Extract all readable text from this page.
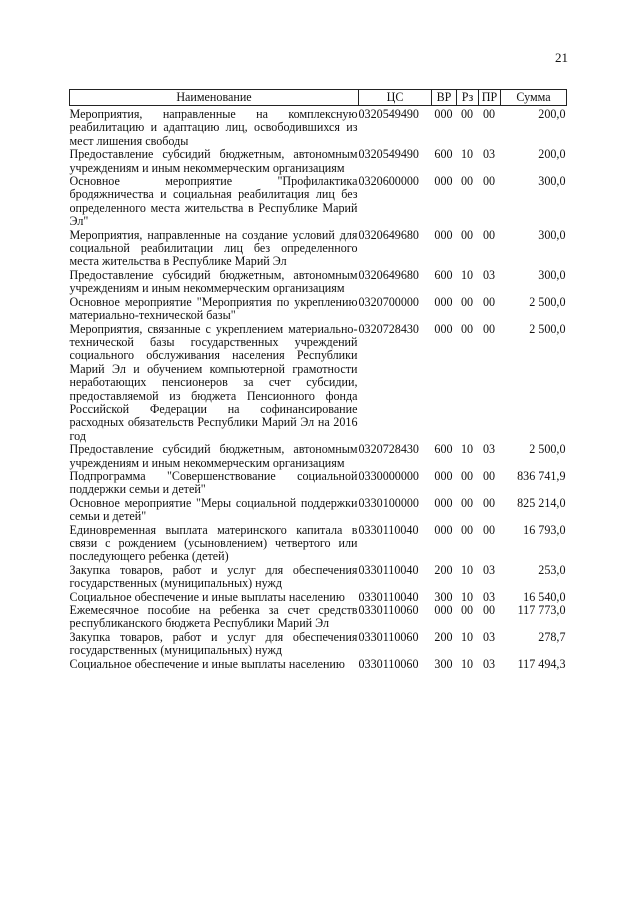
21
Наименование	ЦС	ВР	Рз	ПР	Сумма
Мероприятия, направленные на комплексную реабилитацию и адаптацию лиц, освободившихся из мест лишения свободы	0320549490	000	00	00	200,0
Предоставление субсидий бюджетным, автономным учреждениям и иным некоммерческим организациям	0320549490	600	10	03	200,0
Основное мероприятие "Профилактика бродяжничества и социальная реабилитация лиц без определенного места жительства в Республике Марий Эл"	0320600000	000	00	00	300,0
Мероприятия, направленные на создание условий для социальной реабилитации лиц без определенного места жительства в Республике Марий Эл	0320649680	000	00	00	300,0
Предоставление субсидий бюджетным, автономным учреждениям и иным некоммерческим организациям	0320649680	600	10	03	300,0
Основное мероприятие "Мероприятия по укреплению материально-технической базы"	0320700000	000	00	00	2 500,0
Мероприятия, связанные с укреплением материально-технической базы государственных учреждений социального обслуживания населения Республики Марий Эл и обучением компьютерной грамотности неработающих пенсионеров за счет субсидии, предоставляемой из бюджета Пенсионного фонда Российской Федерации на софинансирование расходных обязательств Республики Марий Эл на 2016 год	0320728430	000	00	00	2 500,0
Предоставление субсидий бюджетным, автономным учреждениям и иным некоммерческим организациям	0320728430	600	10	03	2 500,0
Подпрограмма "Совершенствование социальной поддержки семьи и детей"	0330000000	000	00	00	836 741,9
Основное мероприятие "Меры социальной поддержки семьи и детей"	0330100000	000	00	00	825 214,0
Единовременная выплата материнского капитала в связи с рождением (усыновлением) четвертого или последующего ребенка (детей)	0330110040	000	00	00	16 793,0
Закупка товаров, работ и услуг для обеспечения государственных (муниципальных) нужд	0330110040	200	10	03	253,0
Социальное обеспечение и иные выплаты населению	0330110040	300	10	03	16 540,0
Ежемесячное пособие на ребенка за счет средств республиканского бюджета Республики Марий Эл	0330110060	000	00	00	117 773,0
Закупка товаров, работ и услуг для обеспечения государственных (муниципальных) нужд	0330110060	200	10	03	278,7
Социальное обеспечение и иные выплаты населению	0330110060	300	10	03	117 494,3
